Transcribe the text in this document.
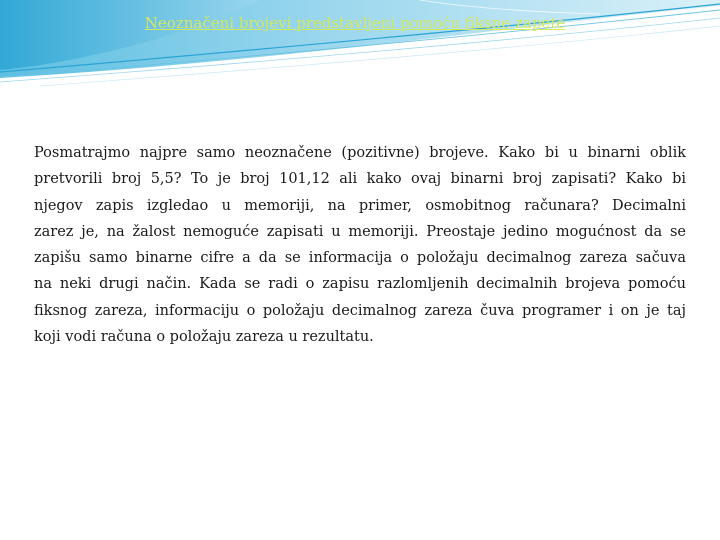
Neoznačeni brojevi predstavljeni pomoću fiksne zapete
Posmatrajmo najpre samo neoznačene (pozitivne) brojeve. Kako bi u binarni oblik
pretvorili broj 5,5? To je broj 101,12 ali kako ovaj binarni broj zapisati? Kako bi
njegov zapis izgledao u memoriji, na primer, osmobitnog računara? Decimalni
zarez je, na žalost nemoguće zapisati u memoriji. Preostaje jedino mogućnost da se
zapišu samo binarne cifre a da se informacija o položaju decimalnog zareza sačuva
na neki drugi način. Kada se radi o zapisu razlomljenih decimalnih brojeva pomoću
fiksnog zareza, informaciju o položaju decimalnog zareza čuva programer i on je taj
koji vodi računa o položaju zareza u rezultatu.
